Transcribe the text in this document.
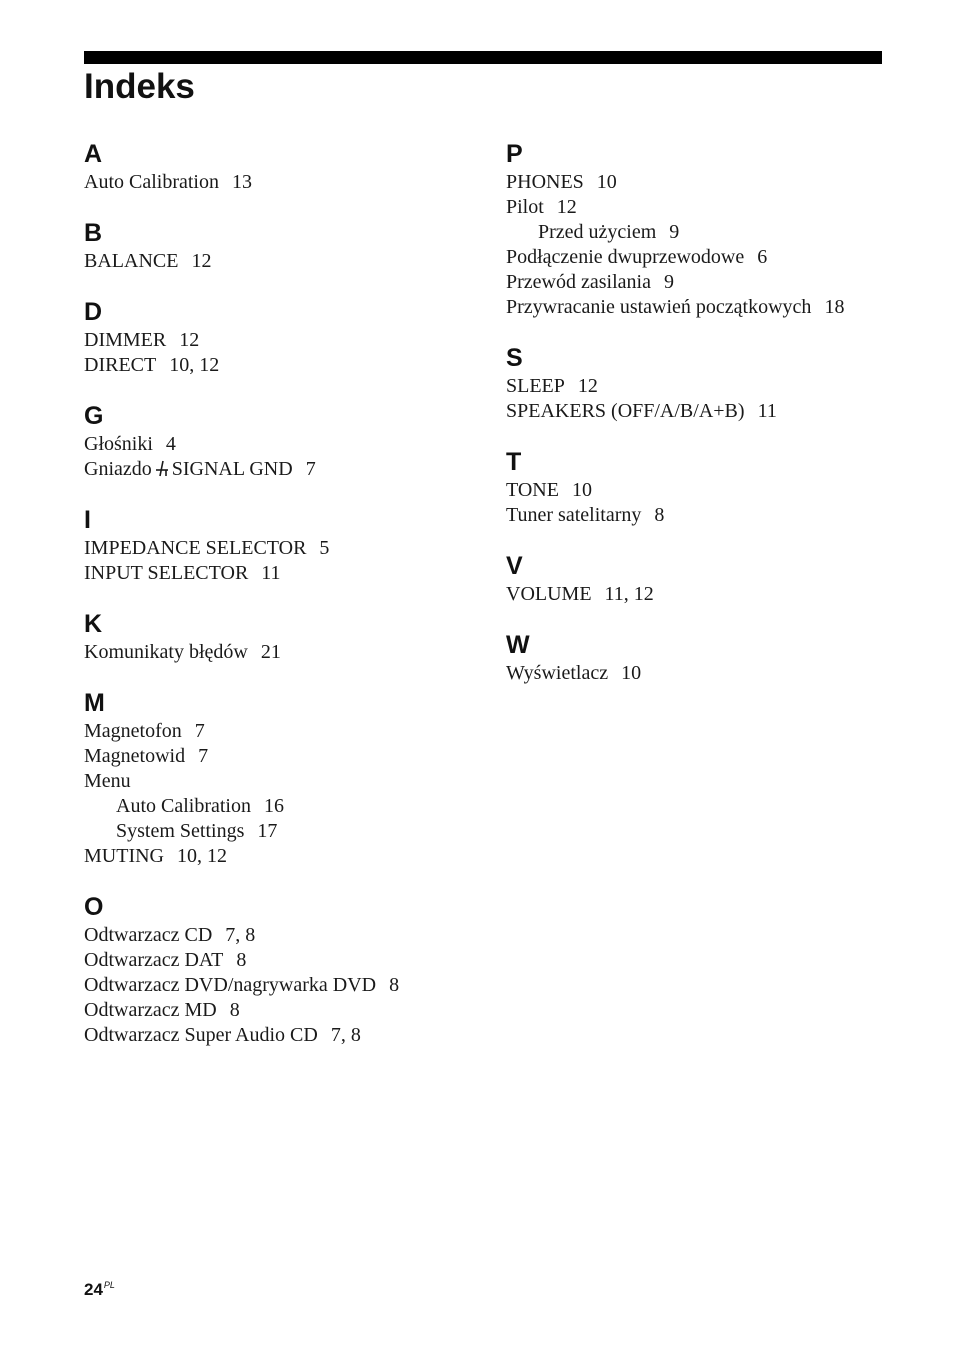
Indeks
A
Auto Calibration 13
B
BALANCE 12
D
DIMMER 12
DIRECT 10, 12
G
Głośniki 4
Gniazdo SIGNAL GND 7
I
IMPEDANCE SELECTOR 5
INPUT SELECTOR 11
K
Komunikaty błędów 21
M
Magnetofon 7
Magnetowid 7
Menu
Auto Calibration 16
System Settings 17
MUTING 10, 12
O
Odtwarzacz CD 7, 8
Odtwarzacz DAT 8
Odtwarzacz DVD/nagrywarka DVD 8
Odtwarzacz MD 8
Odtwarzacz Super Audio CD 7, 8
P
PHONES 10
Pilot 12
Przed użyciem 9
Podłączenie dwuprzewodowe 6
Przewód zasilania 9
Przywracanie ustawień początkowych 18
S
SLEEP 12
SPEAKERS (OFF/A/B/A+B) 11
T
TONE 10
Tuner satelitarny 8
V
VOLUME 11, 12
W
Wyświetlacz 10
$24^{PL}$
